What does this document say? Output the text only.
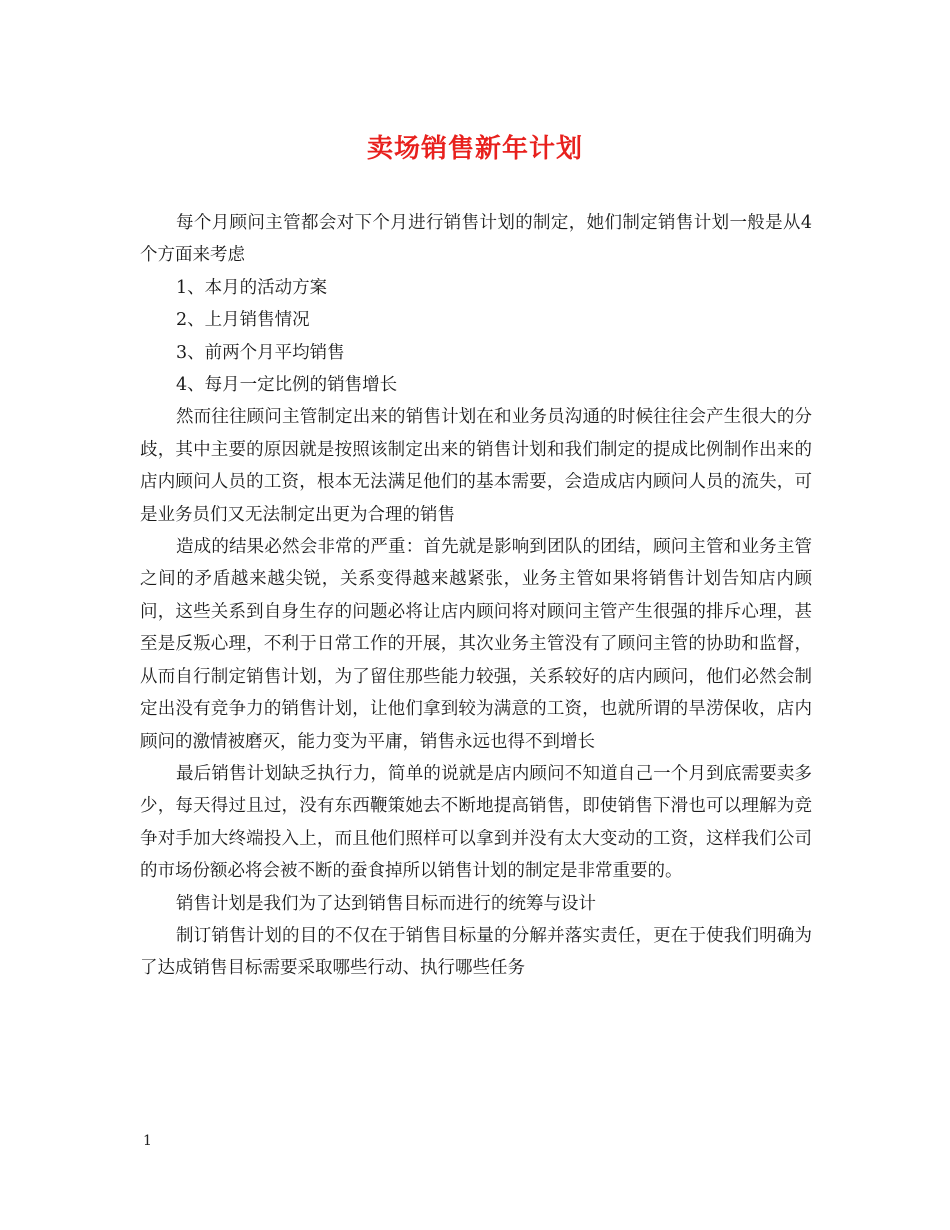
卖场销售新年计划

每个月顾问主管都会对下个月进行销售计划的制定，她们制定销售计划一般是从4个方面来考虑

1、本月的活动方案

2、上月销售情况

3、前两个月平均销售

4、每月一定比例的销售增长

然而往往顾问主管制定出来的销售计划在和业务员沟通的时候往往会产生很大的分歧，其中主要的原因就是按照该制定出来的销售计划和我们制定的提成比例制作出来的店内顾问人员的工资，根本无法满足他们的基本需要，会造成店内顾问人员的流失，可是业务员们又无法制定出更为合理的销售

造成的结果必然会非常的严重：首先就是影响到团队的团结，顾问主管和业务主管之间的矛盾越来越尖锐，关系变得越来越紧张，业务主管如果将销售计划告知店内顾问，这些关系到自身生存的问题必将让店内顾问将对顾问主管产生很强的排斥心理，甚至是反叛心理，不利于日常工作的开展，其次业务主管没有了顾问主管的协助和监督，从而自行制定销售计划，为了留住那些能力较强，关系较好的店内顾问，他们必然会制定出没有竞争力的销售计划，让他们拿到较为满意的工资，也就所谓的旱涝保收，店内顾问的激情被磨灭，能力变为平庸，销售永远也得不到增长

最后销售计划缺乏执行力，简单的说就是店内顾问不知道自己一个月到底需要卖多少，每天得过且过，没有东西鞭策她去不断地提高销售，即使销售下滑也可以理解为竞争对手加大终端投入上，而且他们照样可以拿到并没有太大变动的工资，这样我们公司的市场份额必将会被不断的蚕食掉所以销售计划的制定是非常重要的。

销售计划是我们为了达到销售目标而进行的统筹与设计

制订销售计划的目的不仅在于销售目标量的分解并落实责任，更在于使我们明确为了达成销售目标需要采取哪些行动、执行哪些任务

1
